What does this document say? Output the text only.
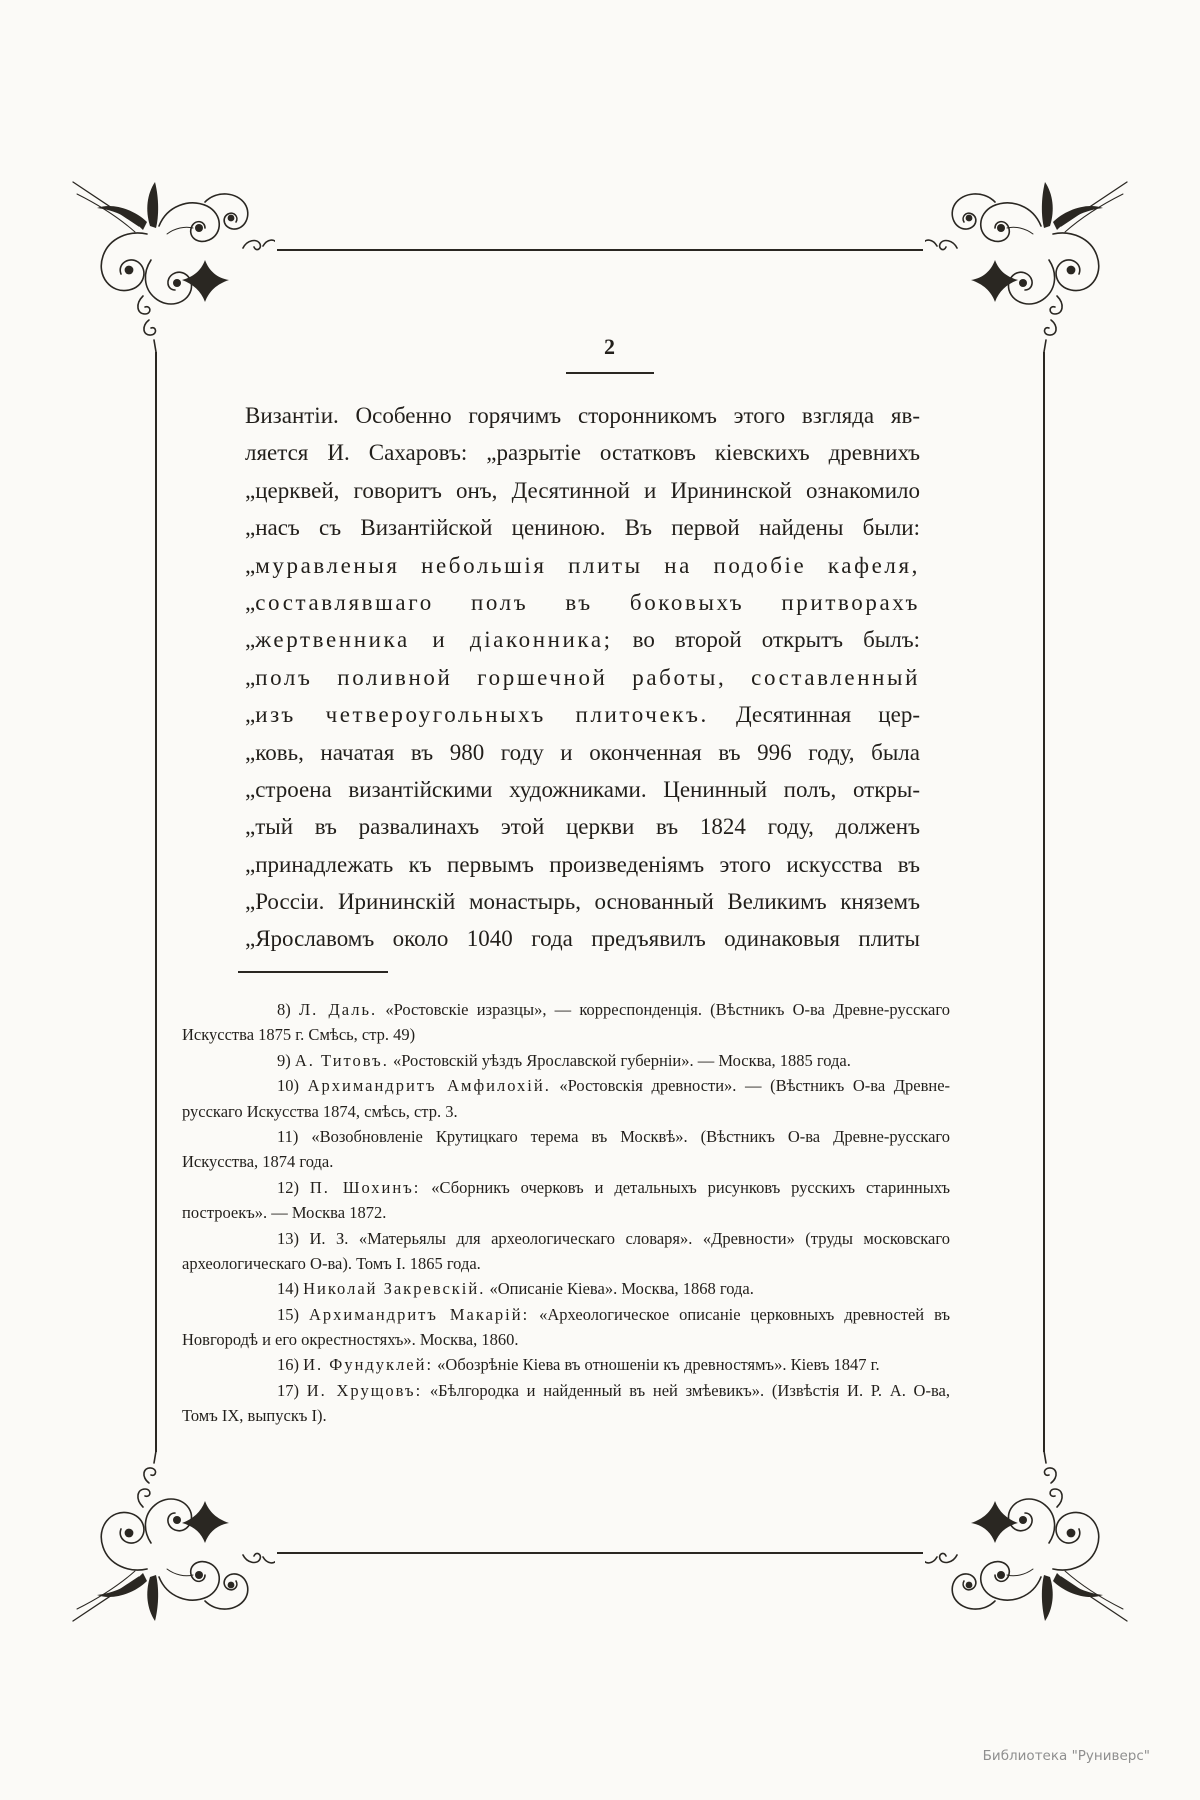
2
Византіи. Особенно горячимъ сторонникомъ этого взгляда яв-
ляется И. Сахаровъ: „разрытіе остатковъ кіевскихъ древнихъ
„церквей, говоритъ онъ, Десятинной и Ирининской ознакомило
„насъ съ Византійской цениною. Въ первой найдены были:
„муравленыя небольшія плиты на подобіе кафеля,
„составлявшаго полъ въ боковыхъ притворахъ
„жертвенника и діаконника; во второй открытъ былъ:
„полъ поливной горшечной работы, составленный
„изъ четвероугольныхъ плиточекъ. Десятинная цер-
„ковь, начатая въ 980 году и оконченная въ 996 году, была
„строена византійскими художниками. Ценинный полъ, откры-
„тый въ развалинахъ этой церкви въ 1824 году, долженъ
„принадлежать къ первымъ произведеніямъ этого искусства въ
„Россіи. Ирининскій монастырь, основанный Великимъ княземъ
„Ярославомъ около 1040 года предъявилъ одинаковыя плиты
8) Л. Даль. «Ростовскіе изразцы», — корреспонденція. (Вѣстникъ О-ва Древне-русскаго
Искусства 1875 г. Смѣсь, стр. 49)
9) А. Титовъ. «Ростовскій уѣздъ Ярославской губерніи». — Москва, 1885 года.
10) Архимандритъ Амфилохій. «Ростовскія древности». — (Вѣстникъ О-ва Древне-
русскаго Искусства 1874, смѣсь, стр. 3.
11) «Возобновленіе Крутицкаго терема въ Москвѣ». (Вѣстникъ О-ва Древне-русскаго
Искусства, 1874 года.
12) П. Шохинъ: «Сборникъ очерковъ и детальныхъ рисунковъ русскихъ старинныхъ
построекъ». — Москва 1872.
13) И. З. «Матерьялы для археологическаго словаря». «Древности» (труды московскаго
археологическаго О-ва). Томъ I. 1865 года.
14) Николай Закревскій. «Описаніе Кіева». Москва, 1868 года.
15) Архимандритъ Макарій: «Археологическое описаніе церковныхъ древностей въ
Новгородѣ и его окрестностяхъ». Москва, 1860.
16) И. Фундуклей: «Обозрѣніе Кіева въ отношеніи къ древностямъ». Кіевъ 1847 г.
17) И. Хрущовъ: «Бѣлгородка и найденный въ ней змѣевикъ». (Извѣстія И. Р. А. О-ва,
Томъ IX, выпускъ I).
Библиотека "Руниверс"
